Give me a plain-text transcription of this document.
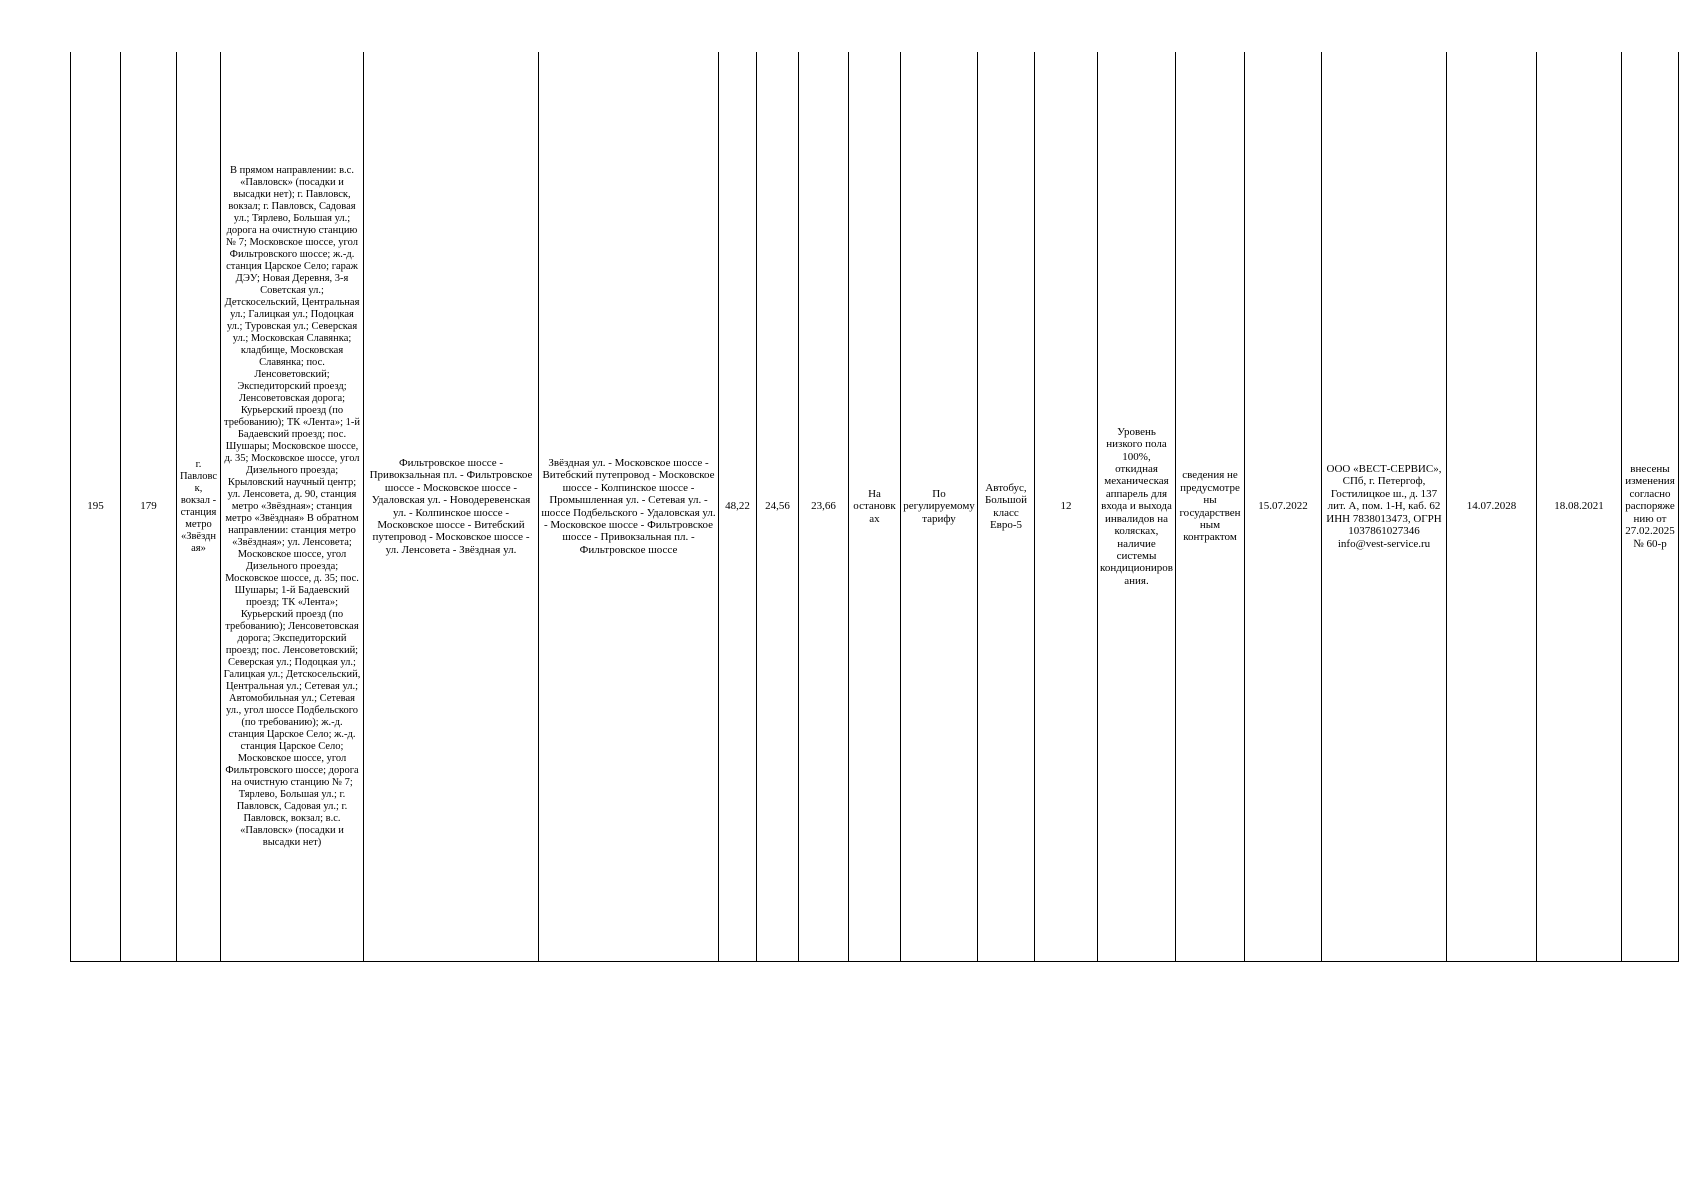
195	179	г. Павловск, вокзал - станция метро «Звёздная»	В прямом направлении: в.с. «Павловск» (посадки и высадки нет); г. Павловск, вокзал; г. Павловск, Садовая ул.; Тярлево, Большая ул.; дорога на очистную станцию № 7; Московское шоссе, угол Фильтровского шоссе; ж.-д. станция Царское Село; гараж ДЭУ; Новая Деревня, 3-я Советская ул.; Детскосельский, Центральная ул.; Галицкая ул.; Подоцкая ул.; Туровская ул.; Северская ул.; Московская Славянка; кладбище, Московская Славянка; пос. Ленсоветовский; Экспедиторский проезд; Ленсоветовская дорога; Курьерский проезд (по требованию); ТК «Лента»; 1-й Бадаевский проезд; пос. Шушары; Московское шоссе, д. 35; Московское шоссе, угол Дизельного проезда; Крыловский научный центр; ул. Ленсовета, д. 90, станция метро «Звёздная»; станция метро «Звёздная» В обратном направлении: станция метро «Звёздная»; ул. Ленсовета; Московское шоссе, угол Дизельного проезда; Московское шоссе, д. 35; пос. Шушары; 1-й Бадаевский проезд; ТК «Лента»; Курьерский проезд (по требованию); Ленсоветовская дорога; Экспедиторский проезд; пос. Ленсоветовский; Северская ул.; Подоцкая ул.; Галицкая ул.; Детскосельский, Центральная ул.; Сетевая ул.; Автомобильная ул.; Сетевая ул., угол шоссе Подбельского (по требованию); ж.-д. станция Царское Село; ж.-д. станция Царское Село; Московское шоссе, угол Фильтровского шоссе; дорога на очистную станцию № 7; Тярлево, Большая ул.; г. Павловск, Садовая ул.; г. Павловск, вокзал; в.с. «Павловск» (посадки и высадки нет)	Фильтровское шоссе - Привокзальная пл. - Фильтровское шоссе - Московское шоссе - Удаловская ул. - Новодеревенская ул. - Колпинское шоссе - Московское шоссе - Витебский путепровод - Московское шоссе - ул. Ленсовета - Звёздная ул.	Звёздная ул. - Московское шоссе - Витебский путепровод - Московское шоссе - Колпинское шоссе - Промышленная ул. - Сетевая ул. - шоссе Подбельского - Удаловская ул. - Московское шоссе - Фильтровское шоссе - Привокзальная пл. - Фильтровское шоссе	48,22	24,56	23,66	На остановках	По регулируемому тарифу	Автобус, Большой класс Евро-5	12	Уровень низкого пола 100%, откидная механическая аппарель для входа и выхода инвалидов на колясках, наличие системы кондиционирования.	сведения не предусмотрены государственным контрактом	15.07.2022	ООО «ВЕСТ-СЕРВИС», СПб, г. Петергоф, Гостилицкое ш., д. 137 лит. А, пом. 1-Н, каб. 62 ИНН 7838013473, ОГРН 1037861027346 info@vest-service.ru	14.07.2028	18.08.2021	внесены изменения согласно распоряжению от 27.02.2025 № 60-р
